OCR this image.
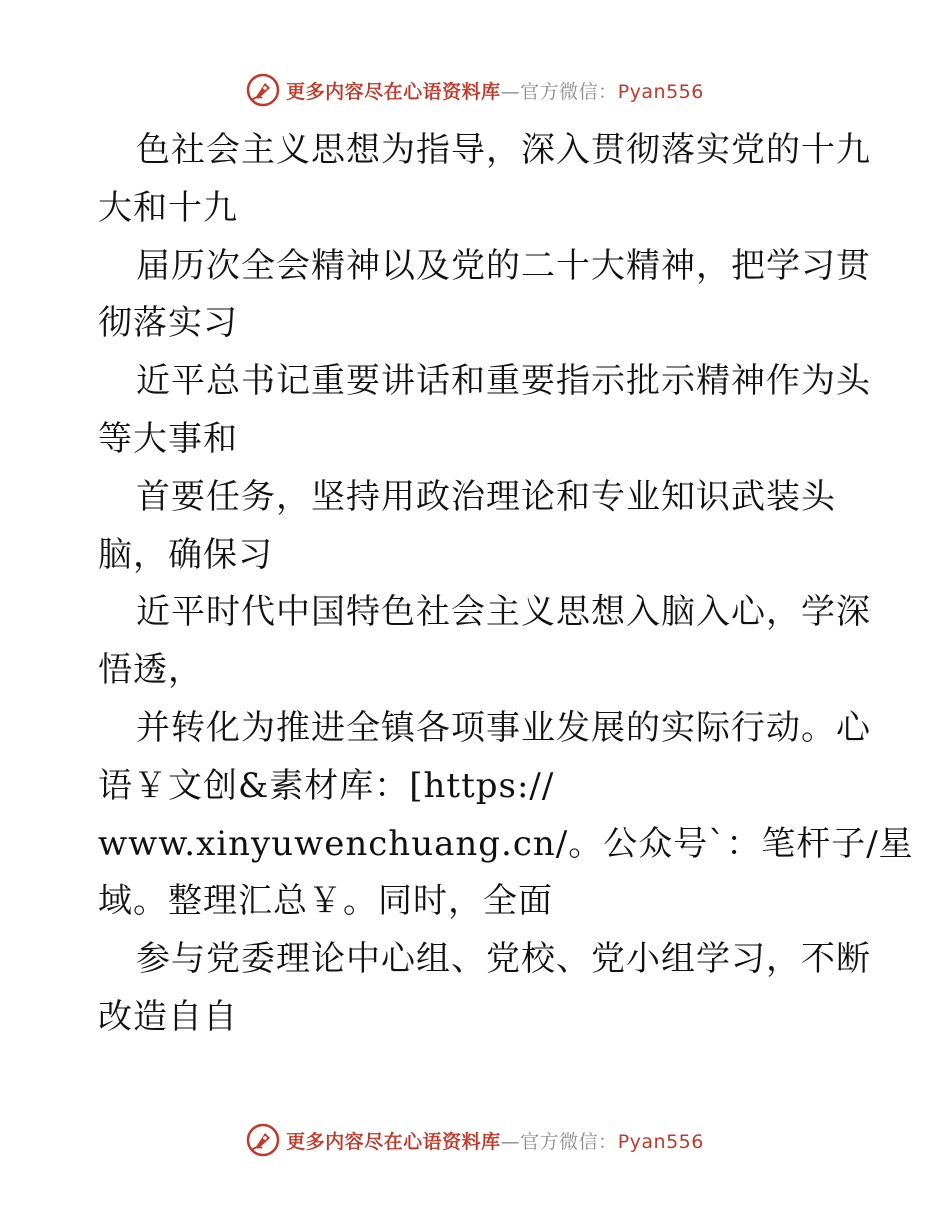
更多内容尽在心语资料库—官方微信：Pyan556
色社会主义思想为指导，深入贯彻落实党的十九
大和十九
届历次全会精神以及党的二十大精神，把学习贯
彻落实习
近平总书记重要讲话和重要指示批示精神作为头
等大事和
首要任务，坚持用政治理论和专业知识武装头
脑，确保习
近平时代中国特色社会主义思想入脑入心，学深
悟透，
并转化为推进全镇各项事业发展的实际行动。心
语￥文创&素材库：[https://
www.xinyuwenchuang.cn/。公众号`：笔杆子/星
域。整理汇总￥。同时，全面
参与党委理论中心组、党校、党小组学习，不断
改造自自
更多内容尽在心语资料库—官方微信：Pyan556
